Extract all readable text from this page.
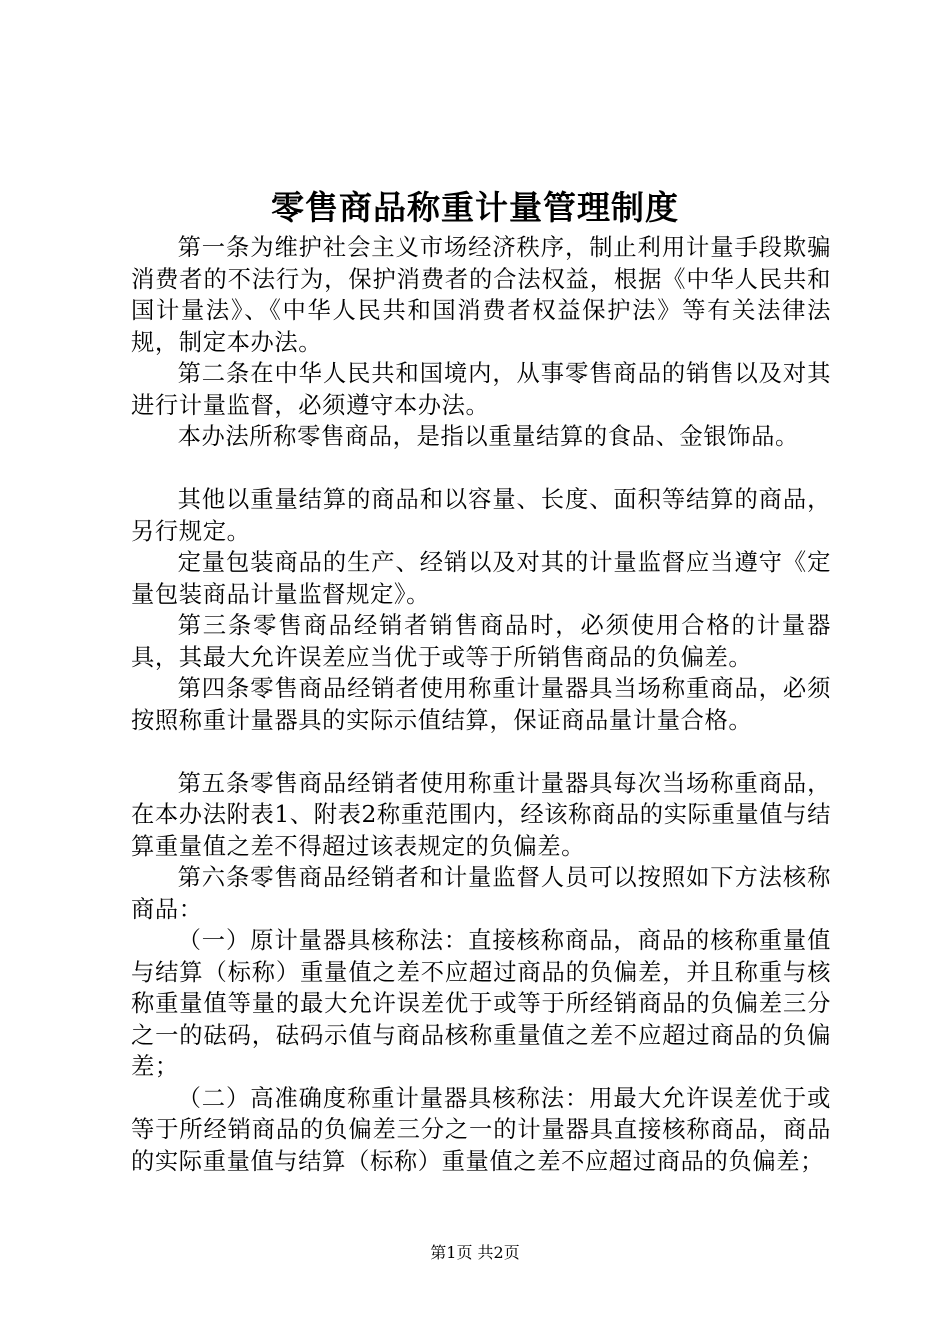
零售商品称重计量管理制度

第一条为维护社会主义市场经济秩序，制止利用计量手段欺骗消费者的不法行为，保护消费者的合法权益，根据《中华人民共和国计量法》、《中华人民共和国消费者权益保护法》等有关法律法规，制定本办法。

第二条在中华人民共和国境内，从事零售商品的销售以及对其进行计量监督，必须遵守本办法。

本办法所称零售商品，是指以重量结算的食品、金银饰品。

其他以重量结算的商品和以容量、长度、面积等结算的商品，另行规定。

定量包装商品的生产、经销以及对其的计量监督应当遵守《定量包装商品计量监督规定》。

第三条零售商品经销者销售商品时，必须使用合格的计量器具，其最大允许误差应当优于或等于所销售商品的负偏差。

第四条零售商品经销者使用称重计量器具当场称重商品，必须按照称重计量器具的实际示值结算，保证商品量计量合格。

第五条零售商品经销者使用称重计量器具每次当场称重商品，在本办法附表1、附表2称重范围内，经该称商品的实际重量值与结算重量值之差不得超过该表规定的负偏差。

第六条零售商品经销者和计量监督人员可以按照如下方法核称商品：

（一）原计量器具核称法：直接核称商品，商品的核称重量值与结算（标称）重量值之差不应超过商品的负偏差，并且称重与核称重量值等量的最大允许误差优于或等于所经销商品的负偏差三分之一的砝码，砝码示值与商品核称重量值之差不应超过商品的负偏差；

（二）高准确度称重计量器具核称法：用最大允许误差优于或等于所经销商品的负偏差三分之一的计量器具直接核称商品，商品的实际重量值与结算（标称）重量值之差不应超过商品的负偏差；

第1页 共2页
